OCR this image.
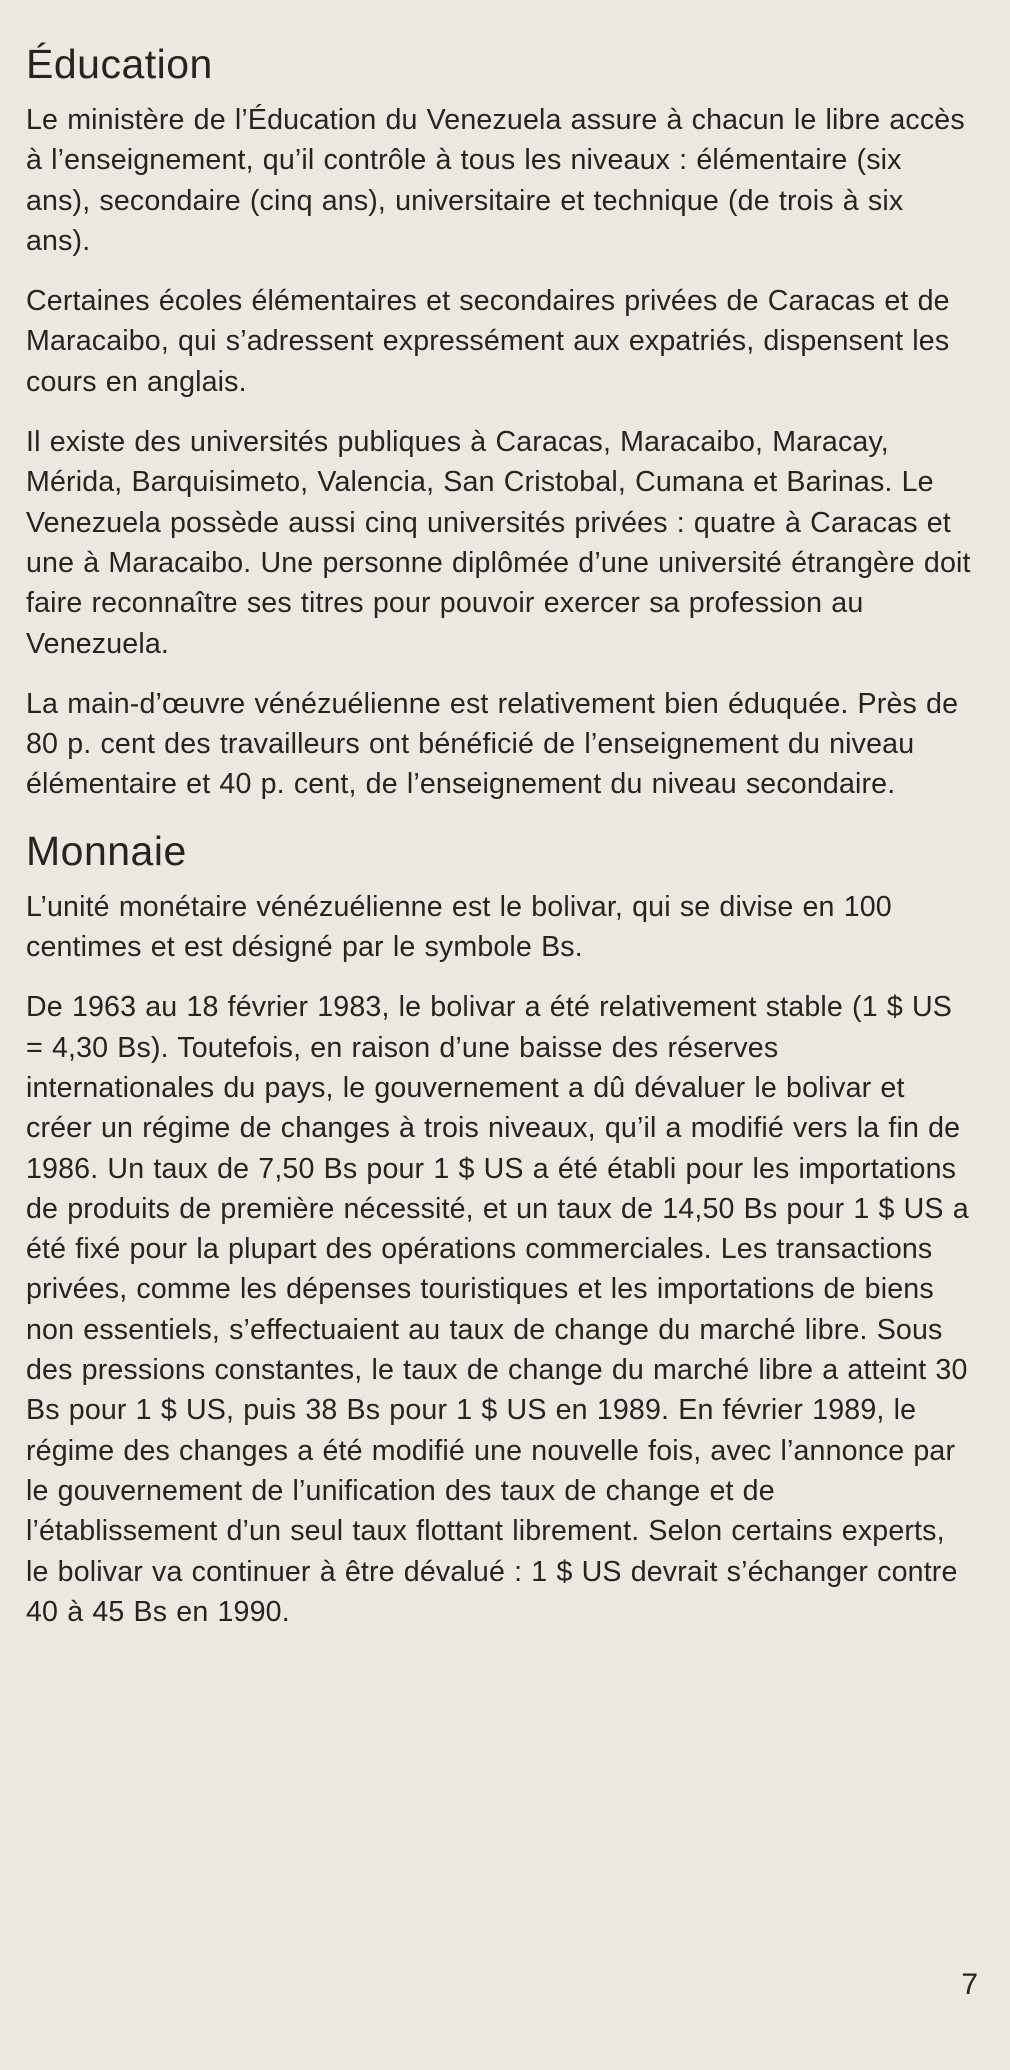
Éducation

Le ministère de l’Éducation du Venezuela assure à chacun le libre accès à l’enseignement, qu’il contrôle à tous les niveaux : élémentaire (six ans), secondaire (cinq ans), universitaire et technique (de trois à six ans).

Certaines écoles élémentaires et secondaires privées de Caracas et de Maracaibo, qui s’adressent expressément aux expatriés, dispensent les cours en anglais.

Il existe des universités publiques à Caracas, Maracaibo, Maracay, Mérida, Barquisimeto, Valencia, San Cristobal, Cumana et Barinas. Le Venezuela possède aussi cinq universités privées : quatre à Caracas et une à Maracaibo. Une personne diplômée d’une université étrangère doit faire reconnaître ses titres pour pouvoir exercer sa profession au Venezuela.

La main-d’œuvre vénézuélienne est relativement bien éduquée. Près de 80 p. cent des travailleurs ont bénéficié de l’enseignement du niveau élémentaire et 40 p. cent, de l’enseignement du niveau secondaire.

Monnaie

L’unité monétaire vénézuélienne est le bolivar, qui se divise en 100 centimes et est désigné par le symbole Bs.

De 1963 au 18 février 1983, le bolivar a été relativement stable (1 $ US = 4,30 Bs). Toutefois, en raison d’une baisse des réserves internationales du pays, le gouvernement a dû dévaluer le bolivar et créer un régime de changes à trois niveaux, qu’il a modifié vers la fin de 1986. Un taux de 7,50 Bs pour 1 $ US a été établi pour les importations de produits de première nécessité, et un taux de 14,50 Bs pour 1 $ US a été fixé pour la plupart des opérations commerciales. Les transactions privées, comme les dépenses touristiques et les importations de biens non essentiels, s’effectuaient au taux de change du marché libre. Sous des pressions constantes, le taux de change du marché libre a atteint 30 Bs pour 1 $ US, puis 38 Bs pour 1 $ US en 1989. En février 1989, le régime des changes a été modifié une nouvelle fois, avec l’annonce par le gouvernement de l’unification des taux de change et de l’établissement d’un seul taux flottant librement. Selon certains experts, le bolivar va continuer à être dévalué : 1 $ US devrait s’échanger contre 40 à 45 Bs en 1990.

7
